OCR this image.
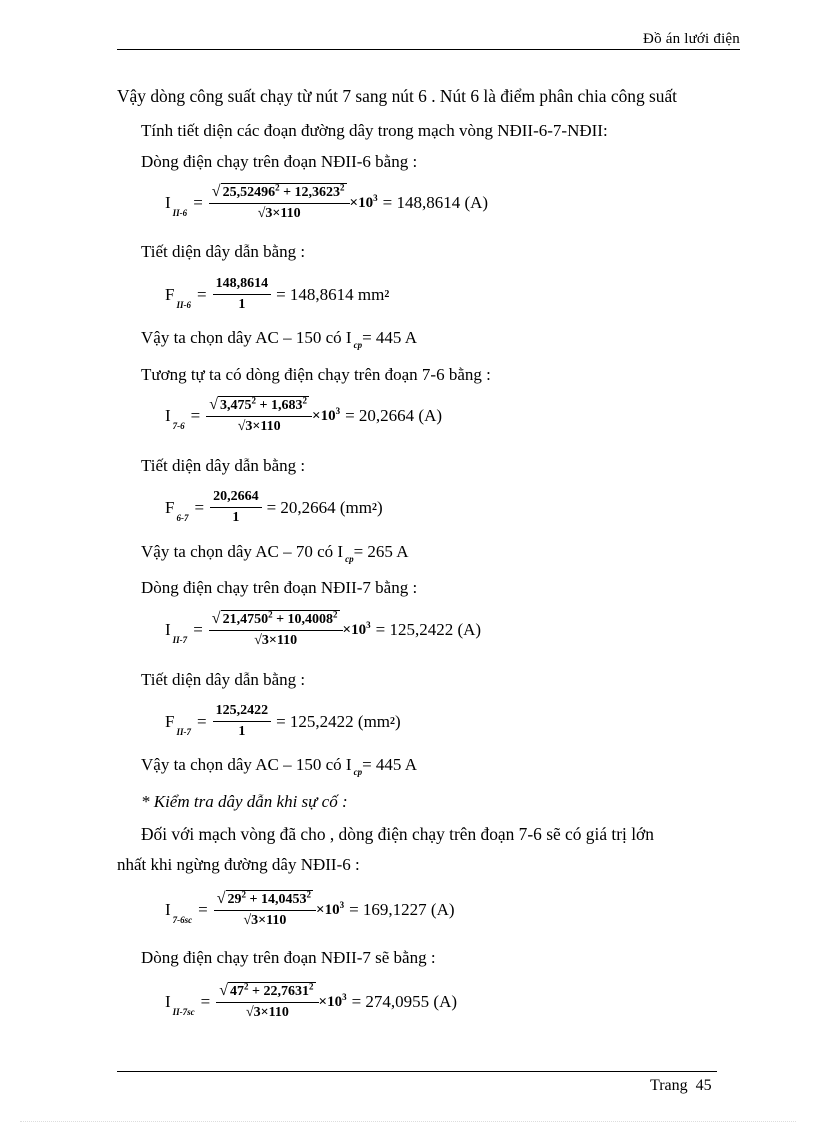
Đồ án lưới điện
Vậy dòng công suất chạy từ nút 7 sang nút 6 . Nút 6 là điểm phân chia công suất
Tính tiết diện các đoạn đường dây trong mạch vòng NĐII-6-7-NĐII:
Dòng điện chạy trên đoạn NĐII-6 bằng :
I
II-6
= $\frac{√ 25,52496^2 + 12,3623^2}{√3\times 110} \times 10^3 = 148,8614$ (A)
Tiết diện dây dẫn bằng :
F
II-6
= $\frac{148,8614}{1} = 148,8614$ mm 2
Vậy ta chọn dây AC – 150 có I $_{cp}$= 445 A
Tương tự ta có dòng điện chạy trên đoạn 7-6 bằng :
I
7-6
= $\frac{√ 3,475^2 + 1,683^2}{√3\times 110} \times 10^3 = 20,2664$ (A)
Tiết diện dây dẫn bằng :
F
6-7
= $\frac{20,2664}{1} = 20,2664$ (mm 2 )
Vậy ta chọn dây AC – 70 có I $_{cp}$= 265 A
Dòng điện chạy trên đoạn NĐII-7 bằng :
I
II-7
= $\frac{√ 21,4750^2 + 10,4008^2}{√3\times 110} \times 10^3 = 125,2422$ (A)
Tiết diện dây dẫn bằng :
F
II-7
= $\frac{125,2422}{1} = 125,2422$ (mm 2 )
Vậy ta chọn dây AC – 150 có I $_{cp}$= 445 A
* Kiểm tra dây dẫn khi sự cố :
Đối với mạch vòng đã cho , dòng điện chạy trên đoạn 7-6 sẽ có giá trị lớn
nhất khi ngừng đường dây NĐII-6 :
I
7-6sc
= $\frac{√ 29^2 + 14,0453^2}{√3\times 110} \times 10^3 = 169,1227$ (A)
Dòng điện chạy trên đoạn NĐII-7 sẽ bằng :
I
II-7sc
= $\frac{√ 47^2 + 22,7631^2}{√3\times 110} \times 10^3 = 274,0955$ (A)
Trang 45
